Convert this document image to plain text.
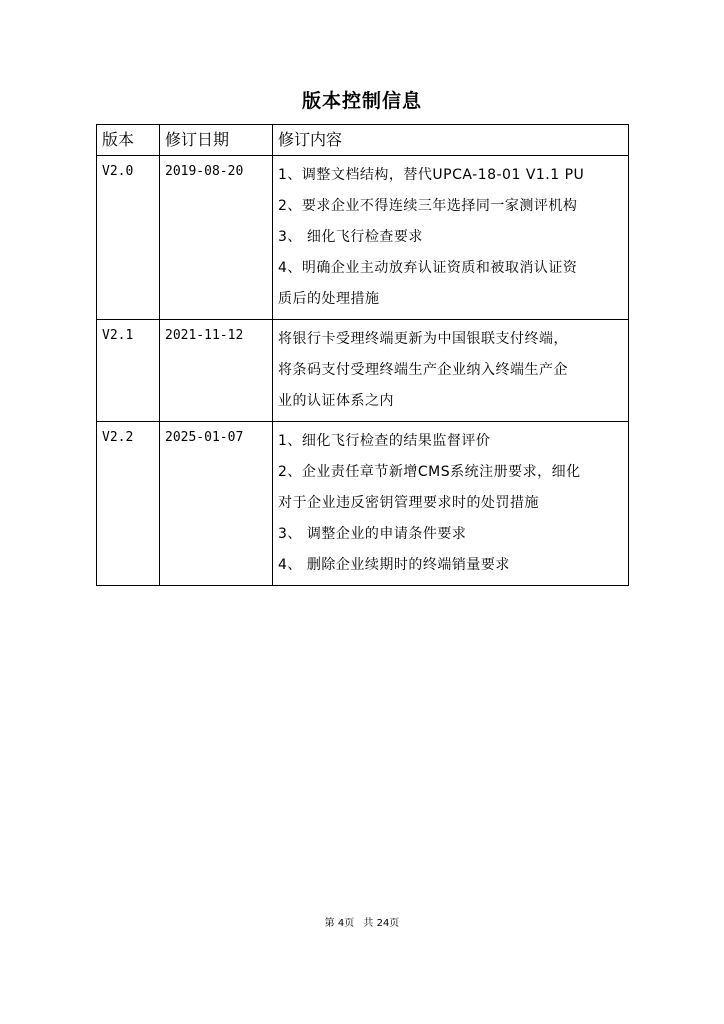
版本控制信息
版本	修订日期	修订内容
V2.0	2019-08-20	1、调整文档结构，替代UPCA-18-01 V1.1 PU
2、要求企业不得连续三年选择同一家测评机构
3、 细化飞行检查要求
4、明确企业主动放弃认证资质和被取消认证资
质后的处理措施

V2.1	2021-11-12	将银行卡受理终端更新为中国银联支付终端，
将条码支付受理终端生产企业纳入终端生产企
业的认证体系之内

V2.2	2025-01-07	1、细化飞行检查的结果监督评价
2、企业责任章节新增CMS系统注册要求，细化
对于企业违反密钥管理要求时的处罚措施
3、 调整企业的申请条件要求
4、 删除企业续期时的终端销量要求
第 4页 共 24页
